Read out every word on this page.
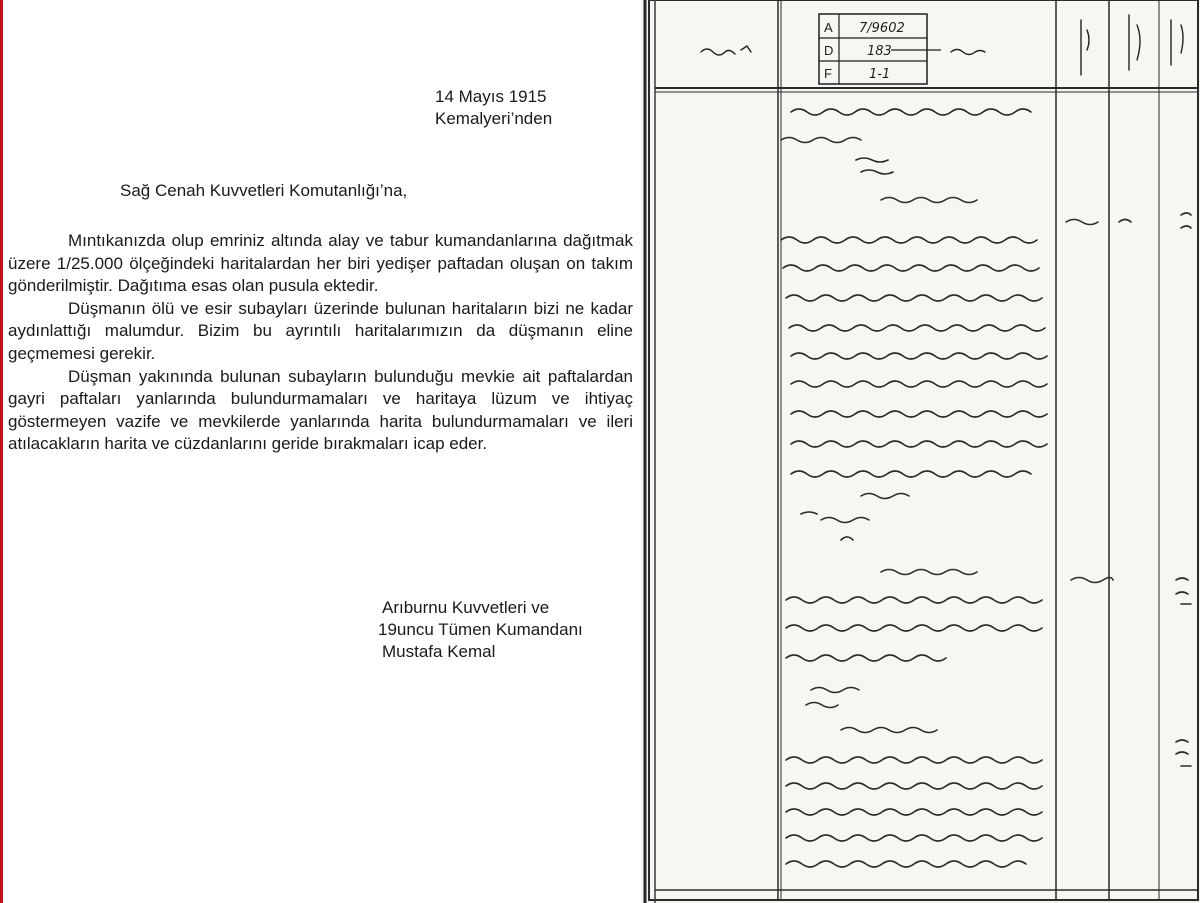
14 Mayıs 1915
Kemalyeri’nden
Sağ Cenah Kuvvetleri Komutanlığı’na,

Mıntıkanızda olup emriniz altında alay ve tabur kumandanlarına dağıtmak üzere 1/25.000 ölçeğindeki haritalardan her biri yedişer paftadan oluşan on takım gönderilmiştir. Dağıtıma esas olan pusula ektedir.

Düşmanın ölü ve esir subayları üzerinde bulunan haritaların bizi ne kadar aydınlattığı malumdur. Bizim bu ayrıntılı haritalarımızın da düşmanın eline geçmemesi gerekir.

Düşman yakınında bulunan subayların bulunduğu mevkie ait paftalardan gayri paftaları yanlarında bulundurmamaları ve haritaya lüzum ve ihtiyaç göstermeyen vazife ve mevkilerde yanlarında harita bulundurmamaları ve ileri atılacakların harita ve cüzdanlarını geride bırakmaları icap eder.

Arıburnu Kuvvetleri ve
19uncu Tümen Kumandanı
Mustafa Kemal
A 7/9602
D	183
F	1-1
